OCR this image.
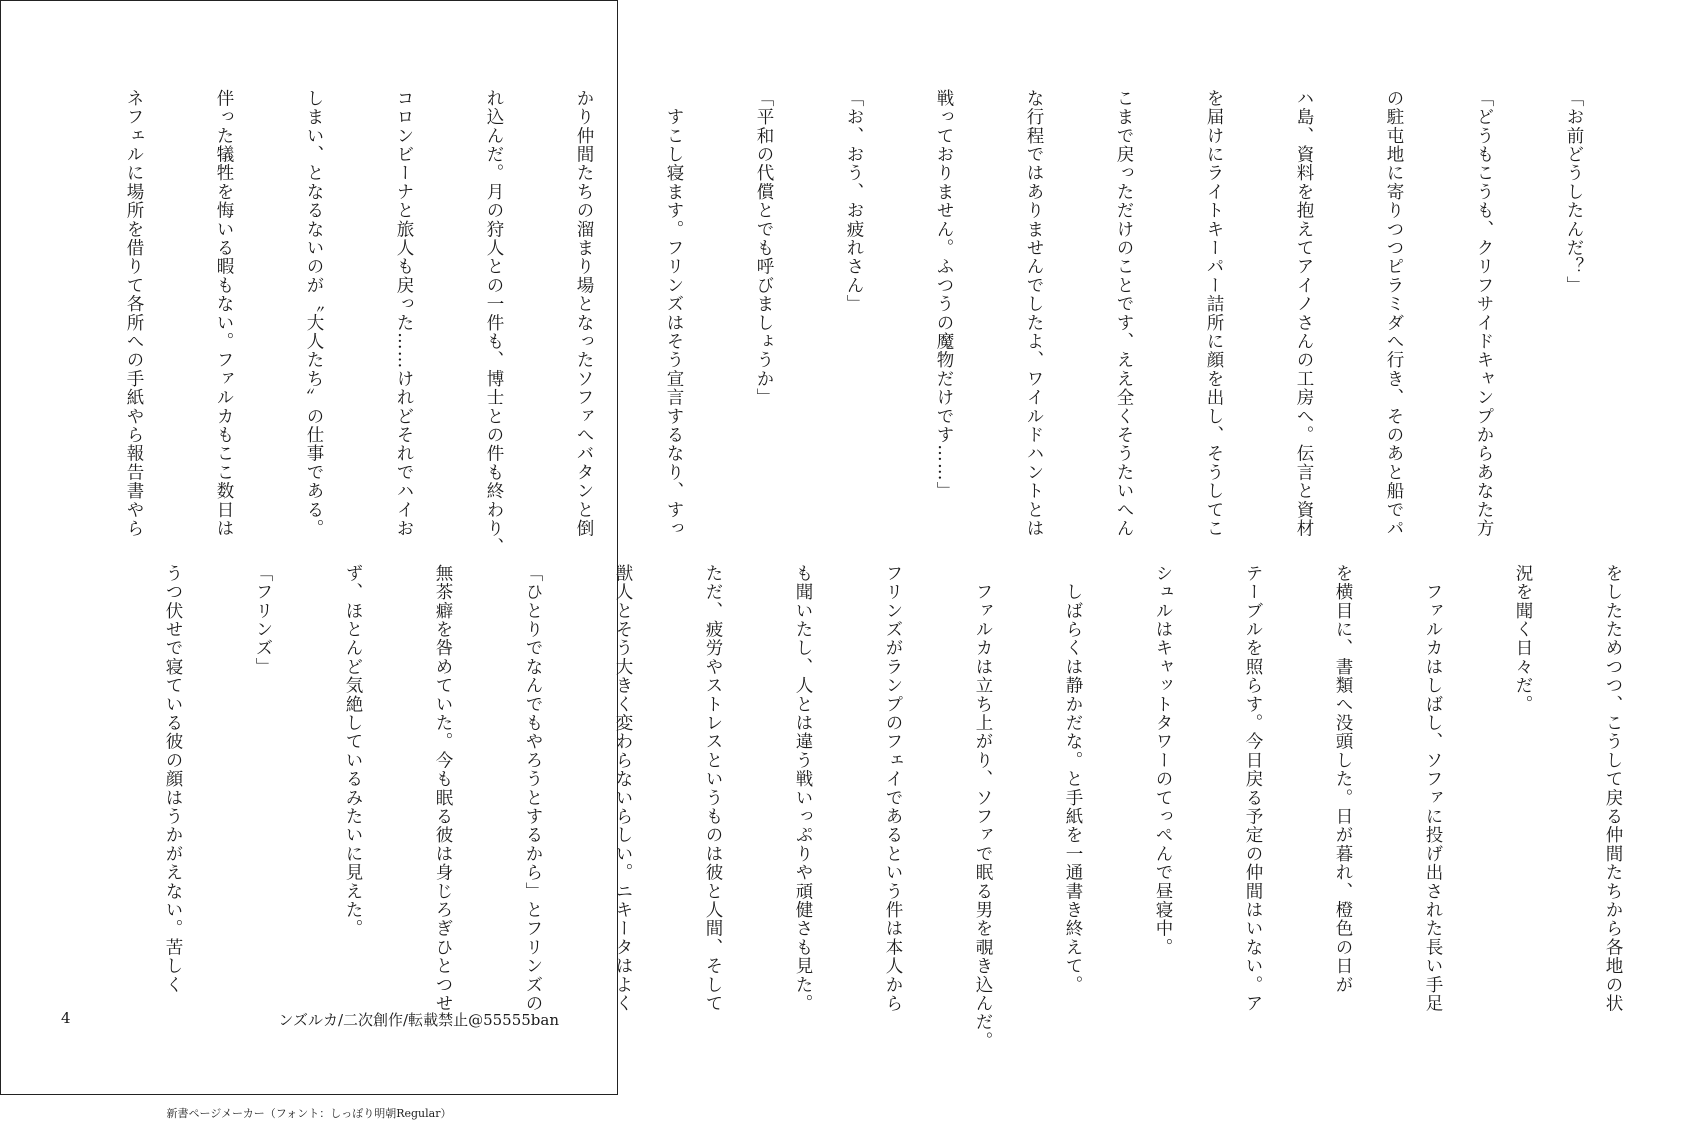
「お前どうしたんだ？」

「どうもこうも、クリフサイドキャンプからあなた方

の駐屯地に寄りつつピラミダへ行き、そのあと船でパ

ハ島、資料を抱えてアイノさんの工房へ。伝言と資材

を届けにライトキーパー詰所に顔を出し、そうしてこ

こまで戻っただけのことです、ええ全くそうたいへん

な行程ではありませんでしたよ、ワイルドハントとは

戦っておりません。ふつうの魔物だけです……」

「お、おう、お疲れさん」

「平和の代償とでも呼びましょうか」

　すこし寝ます。フリンズはそう宣言するなり、すっ

かり仲間たちの溜まり場となったソファへバタンと倒

れ込んだ。月の狩人との一件も、博士との件も終わり、

コロンビーナと旅人も戻った……けれどそれでハイお

しまい、となるないのが〝大人たち〟の仕事である。

伴った犠牲を悔いる暇もない。ファルカもここ数日は

ネフェルに場所を借りて各所への手紙やら報告書やら

をしたためつつ、こうして戻る仲間たちから各地の状

況を聞く日々だ。

　ファルカはしばし、ソファに投げ出された長い手足

を横目に、書類へ没頭した。日が暮れ、橙色の日が

テーブルを照らす。今日戻る予定の仲間はいない。ア

シュルはキャットタワーのてっぺんで昼寝中。

　しばらくは静かだな。と手紙を一通書き終えて。

　ファルカは立ち上がり、ソファで眠る男を覗き込んだ。

フリンズがランプのフェイであるという件は本人から

も聞いたし、人とは違う戦いっぷりや頑健さも見た。

ただ、疲労やストレスというものは彼と人間、そして

獣人とそう大きく変わらないらしい。ニキータはよく

「ひとりでなんでもやろうとするから」とフリンズの

無茶癖を咎めていた。今も眠る彼は身じろぎひとつせ

ず、ほとんど気絶しているみたいに見えた。

「フリンズ」

うつ伏せで寝ている彼の顔はうかがえない。苦しく

4	ンズルカ/二次創作/転載禁止@55555ban
新書ページメーカー（フォント：しっぽり明朝Regular）
